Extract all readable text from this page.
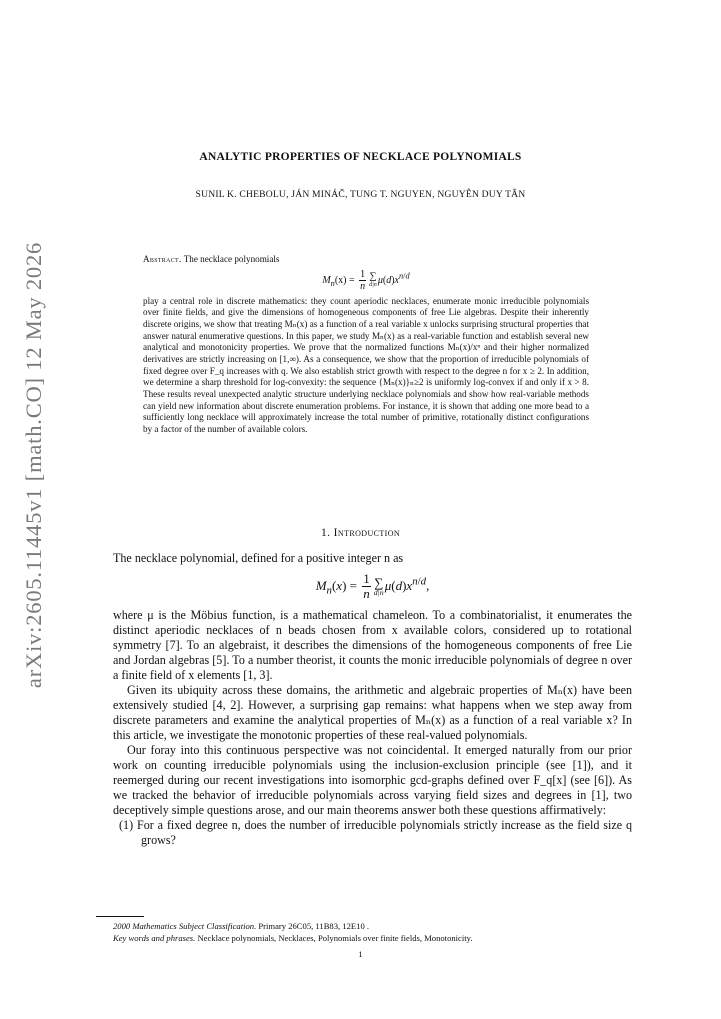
arXiv:2605.11445v1 [math.CO] 12 May 2026
ANALYTIC PROPERTIES OF NECKLACE POLYNOMIALS
SUNIL K. CHEBOLU, JÁN MINÁČ, TUNG T. NGUYEN, NGUYỄN DUY TÂN
Abstract. The necklace polynomials
$M_n(x) = \frac{1}{n}$ ∑
d|n $\mu(d)x^{n/d}$
play a central role in discrete mathematics: they count aperiodic necklaces, enumerate monic irreducible polynomials over finite fields, and give the dimensions of homogeneous components of free Lie algebras. Despite their inherently discrete origins, we show that treating Mₙ(x) as a function of a real variable x unlocks surprising structural properties that answer natural enumerative questions. In this paper, we study Mₙ(x) as a real-variable function and establish several new analytical and monotonicity properties. We prove that the normalized functions Mₙ(x)/xⁿ and their higher normalized derivatives are strictly increasing on [1,∞). As a consequence, we show that the proportion of irreducible polynomials of fixed degree over F_q increases with q. We also establish strict growth with respect to the degree n for x ≥ 2. In addition, we determine a sharp threshold for log-convexity: the sequence {Mₙ(x)}ₙ≥2 is uniformly log-convex if and only if x > 8. These results reveal unexpected analytic structure underlying necklace polynomials and show how real-variable methods can yield new information about discrete enumeration problems. For instance, it is shown that adding one more bead to a sufficiently long necklace will approximately increase the total number of primitive, rotationally distinct configurations by a factor of the number of available colors.
1. Introduction

The necklace polynomial, defined for a positive integer n as

$M_n(x) = \frac{1}{n}$ ∑
d|n
$\mu(d)x^{n/d}$,

where μ is the Möbius function, is a mathematical chameleon. To a combinatorialist, it enumerates the distinct aperiodic necklaces of n beads chosen from x available colors, considered up to rotational symmetry [7]. To an algebraist, it describes the dimensions of the homogeneous components of free Lie and Jordan algebras [5]. To a number theorist, it counts the monic irreducible polynomials of degree n over a finite field of x elements [1, 3].

Given its ubiquity across these domains, the arithmetic and algebraic properties of Mₙ(x) have been extensively studied [4, 2]. However, a surprising gap remains: what happens when we step away from discrete parameters and examine the analytical properties of Mₙ(x) as a function of a real variable x? In this article, we investigate the monotonic properties of these real-valued polynomials.

Our foray into this continuous perspective was not coincidental. It emerged naturally from our prior work on counting irreducible polynomials using the inclusion-exclusion principle (see [1]), and it reemerged during our recent investigations into isomorphic gcd-graphs defined over F_q[x] (see [6]). As we tracked the behavior of irreducible polynomials across varying field sizes and degrees in [1], two deceptively simple questions arose, and our main theorems answer both these questions affirmatively:

(1) For a fixed degree n, does the number of irreducible polynomials strictly increase as the field size q grows?
2000 Mathematics Subject Classification. Primary 26C05, 11B83, 12E10 .
Key words and phrases. Necklace polynomials, Necklaces, Polynomials over finite fields, Monotonicity.
1
